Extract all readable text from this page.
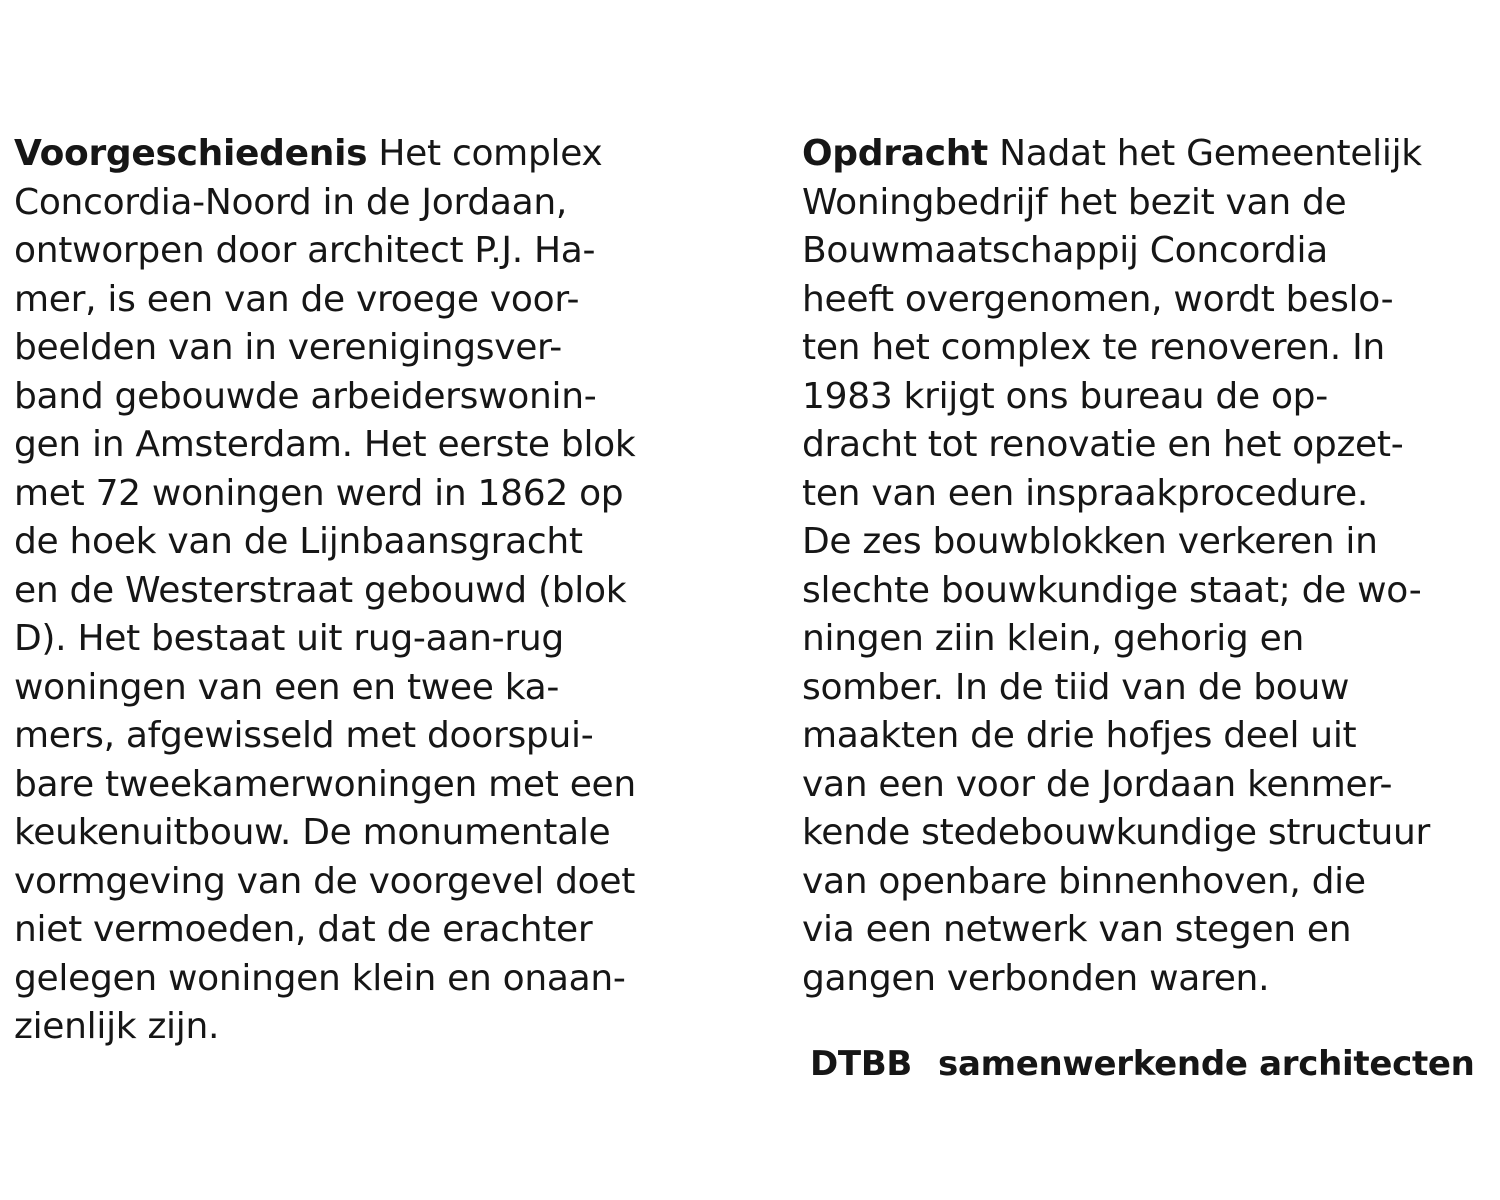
Voorgeschiedenis Het complex
Concordia-Noord in de Jordaan,
ontworpen door architect P.J. Ha-
mer, is een van de vroege voor-
beelden van in verenigingsver-
band gebouwde arbeiderswonin-
gen in Amsterdam. Het eerste blok
met 72 woningen werd in 1862 op
de hoek van de Lijnbaansgracht
en de Westerstraat gebouwd (blok
D). Het bestaat uit rug-aan-rug
woningen van een en twee ka-
mers, afgewisseld met doorspui-
bare tweekamerwoningen met een
keukenuitbouw. De monumentale
vormgeving van de voorgevel doet
niet vermoeden, dat de erachter
gelegen woningen klein en onaan-
zienlijk zijn.
Opdracht Nadat het Gemeentelijk
Woningbedrijf het bezit van de
Bouwmaatschappij Concordia
heeft overgenomen, wordt beslo-
ten het complex te renoveren. In
1983 krijgt ons bureau de op-
dracht tot renovatie en het opzet-
ten van een inspraakprocedure.
De zes bouwblokken verkeren in
slechte bouwkundige staat; de wo-
ningen ziin klein, gehorig en
somber. In de tiid van de bouw
maakten de drie hofjes deel uit
van een voor de Jordaan kenmer-
kende stedebouwkundige structuur
van openbare binnenhoven, die
via een netwerk van stegen en
gangen verbonden waren.
DTBB samenwerkende architecten
